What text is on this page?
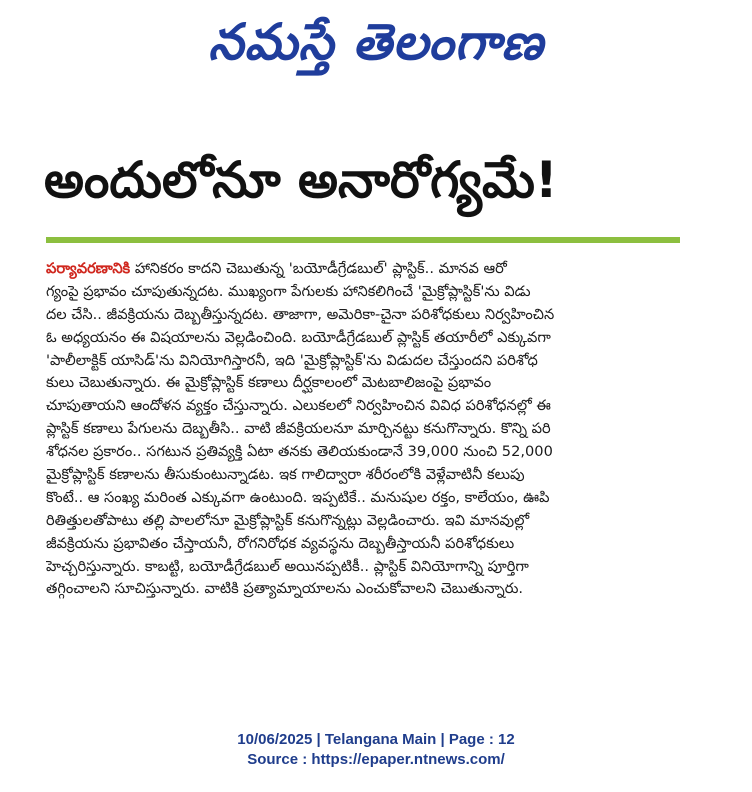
నమస్తే తెలంగాణ
అందులోనూ అనారోగ్యమే!
పర్యావరణానికి హానికరం కాదని చెబుతున్న 'బయోడీగ్రేడబుల్' ప్లాస్టిక్.. మానవ ఆరో
గ్యంపై ప్రభావం చూపుతున్నదట. ముఖ్యంగా పేగులకు హానికలిగించే 'మైక్రోప్లాస్టిక్'ను విడు
దల చేసి.. జీవక్రియను దెబ్బతీస్తున్నదట. తాజాగా, అమెరికా-చైనా పరిశోధకులు నిర్వహించిన
ఓ అధ్యయనం ఈ విషయాలను వెల్లడించింది. బయోడీగ్రేడబుల్ ప్లాస్టిక్ తయారీలో ఎక్కువగా
'పాలీలాక్టిక్ యాసిడ్'ను వినియోగిస్తారనీ, ఇది 'మైక్రోప్లాస్టిక్'ను విడుదల చేస్తుందని పరిశోధ
కులు చెబుతున్నారు. ఈ మైక్రోప్లాస్టిక్ కణాలు దీర్ఘకాలంలో మెటబాలిజంపై ప్రభావం
చూపుతాయని ఆందోళన వ్యక్తం చేస్తున్నారు. ఎలుకలలో నిర్వహించిన వివిధ పరిశోధనల్లో ఈ
ప్లాస్టిక్ కణాలు పేగులను దెబ్బతీసి.. వాటి జీవక్రియలనూ మార్చినట్టు కనుగొన్నారు. కొన్ని పరి
శోధనల ప్రకారం.. సగటున ప్రతివ్యక్తి ఏటా తనకు తెలియకుండానే 39,000 నుంచి 52,000
మైక్రోప్లాస్టిక్ కణాలను తీసుకుంటున్నాడట. ఇక గాలిద్వారా శరీరంలోకి వెళ్లేవాటినీ కలుపు
కొంటే.. ఆ సంఖ్య మరింత ఎక్కువగా ఉంటుంది. ఇప్పటికే.. మనుషుల రక్తం, కాలేయం, ఊపి
రితిత్తులతోపాటు తల్లి పాలలోనూ మైక్రోప్లాస్టిక్ కనుగొన్నట్లు వెల్లడించారు. ఇవి మానవుల్లో
జీవక్రియను ప్రభావితం చేస్తాయనీ, రోగనిరోధక వ్యవస్థను దెబ్బతీస్తాయనీ పరిశోధకులు
హెచ్చరిస్తున్నారు. కాబట్టి, బయోడీగ్రేడబుల్ అయినప్పటికీ.. ప్లాస్టిక్ వినియోగాన్ని పూర్తిగా
తగ్గించాలని సూచిస్తున్నారు. వాటికి ప్రత్యామ్నాయాలను ఎంచుకోవాలని చెబుతున్నారు.
10/06/2025 | Telangana Main | Page : 12
Source : https://epaper.ntnews.com/
